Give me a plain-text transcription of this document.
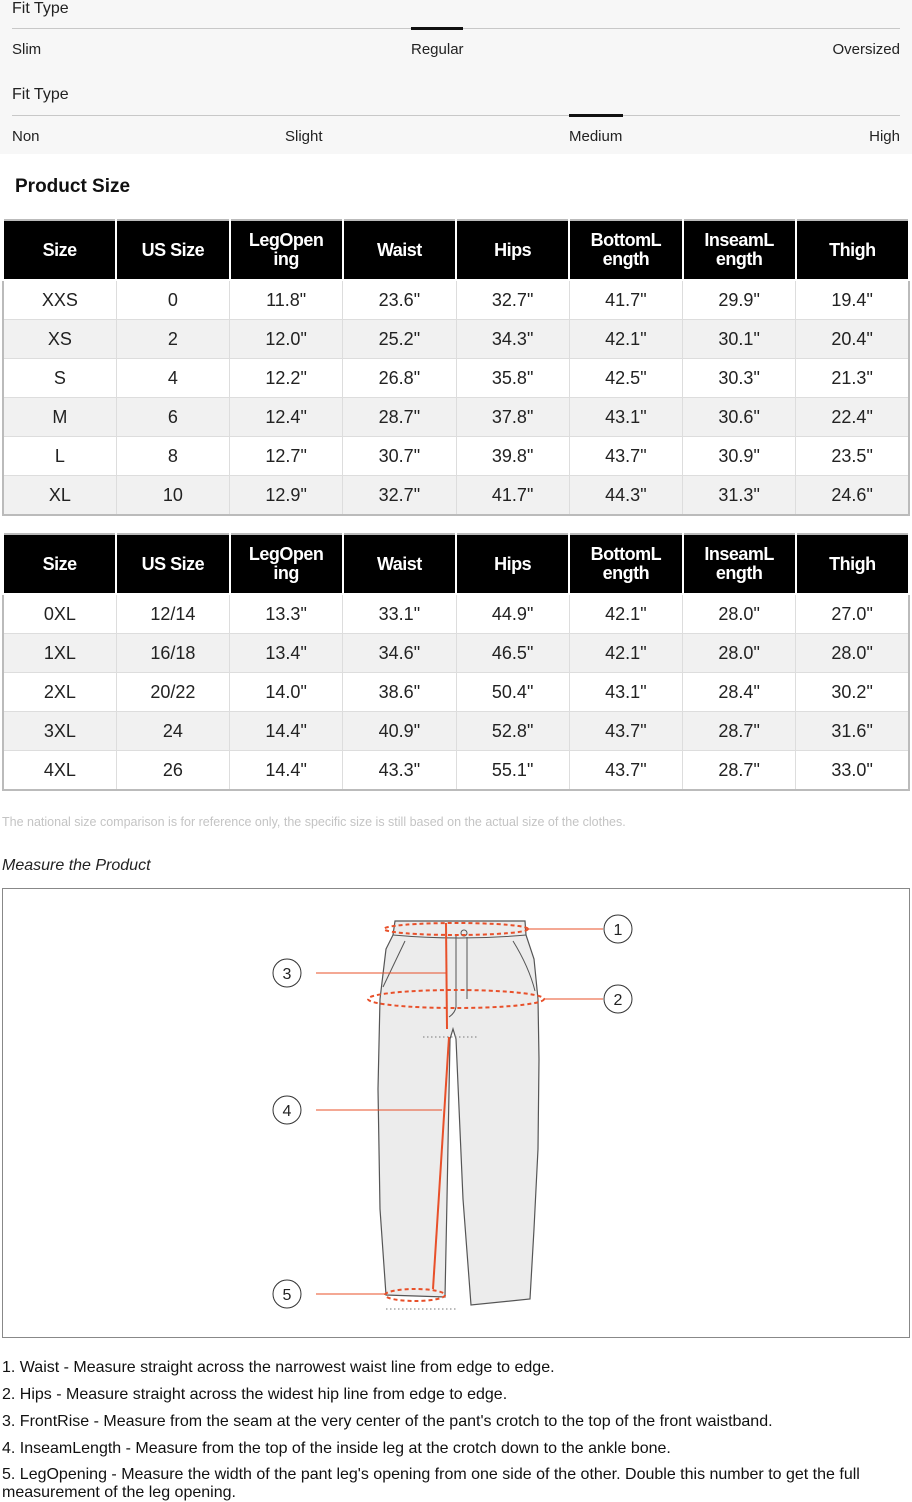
Fit Type
Slim	Regular	Oversized
Fit Type
Non	Slight	Medium	High
Product Size
Size	US Size	LegOpen ing	Waist	Hips	BottomL ength	InseamL ength	Thigh
XXS	0	11.8"	23.6"	32.7"	41.7"	29.9"	19.4"
XS	2	12.0"	25.2"	34.3"	42.1"	30.1"	20.4"
S	4	12.2"	26.8"	35.8"	42.5"	30.3"	21.3"
M	6	12.4"	28.7"	37.8"	43.1"	30.6"	22.4"
L	8	12.7"	30.7"	39.8"	43.7"	30.9"	23.5"
XL	10	12.9"	32.7"	41.7"	44.3"	31.3"	24.6"
Size	US Size	LegOpen ing	Waist	Hips	BottomL ength	InseamL ength	Thigh
0XL	12/14	13.3"	33.1"	44.9"	42.1"	28.0"	27.0"
1XL	16/18	13.4"	34.6"	46.5"	42.1"	28.0"	28.0"
2XL	20/22	14.0"	38.6"	50.4"	43.1"	28.4"	30.2"
3XL	24	14.4"	40.9"	52.8"	43.7"	28.7"	31.6"
4XL	26	14.4"	43.3"	55.1"	43.7"	28.7"	33.0"
The national size comparison is for reference only, the specific size is still based on the actual size of the clothes.
Measure the Product
1
2
3
4
5

1. Waist - Measure straight across the narrowest waist line from edge to edge.

2. Hips - Measure straight across the widest hip line from edge to edge.

3. FrontRise - Measure from the seam at the very center of the pant's crotch to the top of the front waistband.

4. InseamLength - Measure from the top of the inside leg at the crotch down to the ankle bone.

5. LegOpening - Measure the width of the pant leg's opening from one side of the other. Double this number to get the full measurement of the leg opening.
